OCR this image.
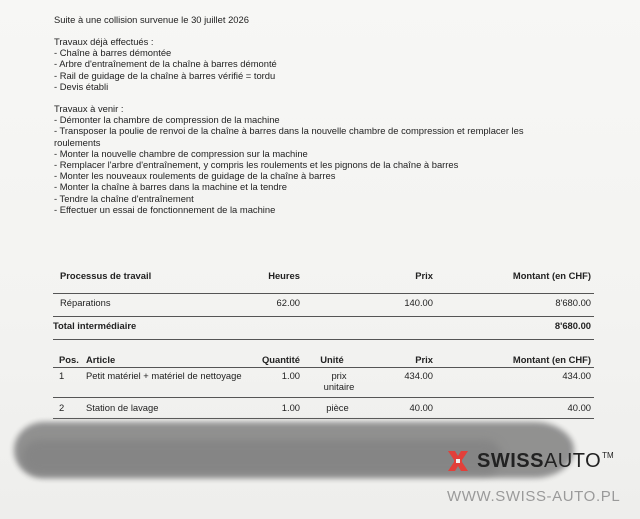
Suite à une collision survenue le 30 juillet 2026
Travaux déjà effectués :
- Chaîne à barres démontée
- Arbre d'entraînement de la chaîne à barres démonté
- Rail de guidage de la chaîne à barres vérifié = tordu
- Devis établi
Travaux à venir :
- Démonter la chambre de compression de la machine
- Transposer la poulie de renvoi de la chaîne à barres dans la nouvelle chambre de compression et remplacer les roulements
- Monter la nouvelle chambre de compression sur la machine
- Remplacer l'arbre d'entraînement, y compris les roulements et les pignons de la chaîne à barres
- Monter les nouveaux roulements de guidage de la chaîne à barres
- Monter la chaîne à barres dans la machine et la tendre
- Tendre la chaîne d'entraînement
- Effectuer un essai de fonctionnement de la machine
Processus de travail	Heures	Prix	Montant (en CHF)
Réparations	62.00	140.00	8'680.00
Total intermédiaire			8'680.00
Pos.	Article	Quantité	Unité	Prix	Montant (en CHF)
1	Petit matériel + matériel de nettoyage	1.00	prix unitaire	434.00	434.00
2	Station de lavage	1.00	pièce	40.00	40.00
SWISS AUTO TM
WWW.SWISS-AUTO.PL
